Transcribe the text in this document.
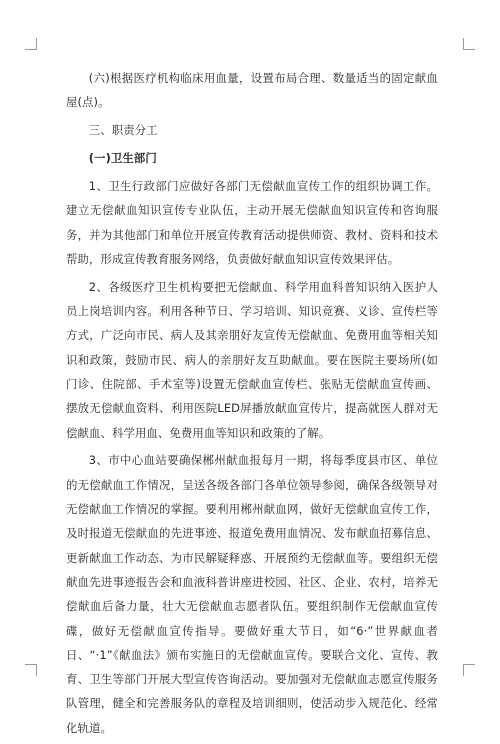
(六)根据医疗机构临床用血量，设置布局合理、数量适当的固定献血屋(点)。

三、职责分工

(一)卫生部门

1、卫生行政部门应做好各部门无偿献血宣传工作的组织协调工作。建立无偿献血知识宣传专业队伍，主动开展无偿献血知识宣传和咨询服务，并为其他部门和单位开展宣传教育活动提供师资、教材、资料和技术帮助，形成宣传教育服务网络，负责做好献血知识宣传效果评估。

2、各级医疗卫生机构要把无偿献血、科学用血科普知识纳入医护人员上岗培训内容。利用各种节日、学习培训、知识竞赛、义诊、宣传栏等方式，广泛向市民、病人及其亲朋好友宣传无偿献血、免费用血等相关知识和政策，鼓励市民、病人的亲朋好友互助献血。要在医院主要场所(如门诊、住院部、手术室等)设置无偿献血宣传栏、张贴无偿献血宣传画、摆放无偿献血资料、利用医院LED屏播放献血宣传片，提高就医人群对无偿献血、科学用血、免费用血等知识和政策的了解。

3、市中心血站要确保郴州献血报每月一期，将每季度县市区、单位的无偿献血工作情况，呈送各级各部门各单位领导参阅，确保各级领导对无偿献血工作情况的掌握。要利用郴州献血网，做好无偿献血宣传工作，及时报道无偿献血的先进事迹、报道免费用血情况、发布献血招募信息、更新献血工作动态、为市民解疑释惑、开展预约无偿献血等。要组织无偿献血先进事迹报告会和血液科普讲座进校园、社区、企业、农村，培养无偿献血后备力量，壮大无偿献血志愿者队伍。要组织制作无偿献血宣传碟，做好无偿献血宣传指导。要做好重大节日，如“6·”世界献血者日、“·1”《献血法》颁布实施日的无偿献血宣传。要联合文化、宣传、教育、卫生等部门开展大型宣传咨询活动。要加强对无偿献血志愿宣传服务队管理，健全和完善服务队的章程及培训细则，使活动步入规范化、经常化轨道。
